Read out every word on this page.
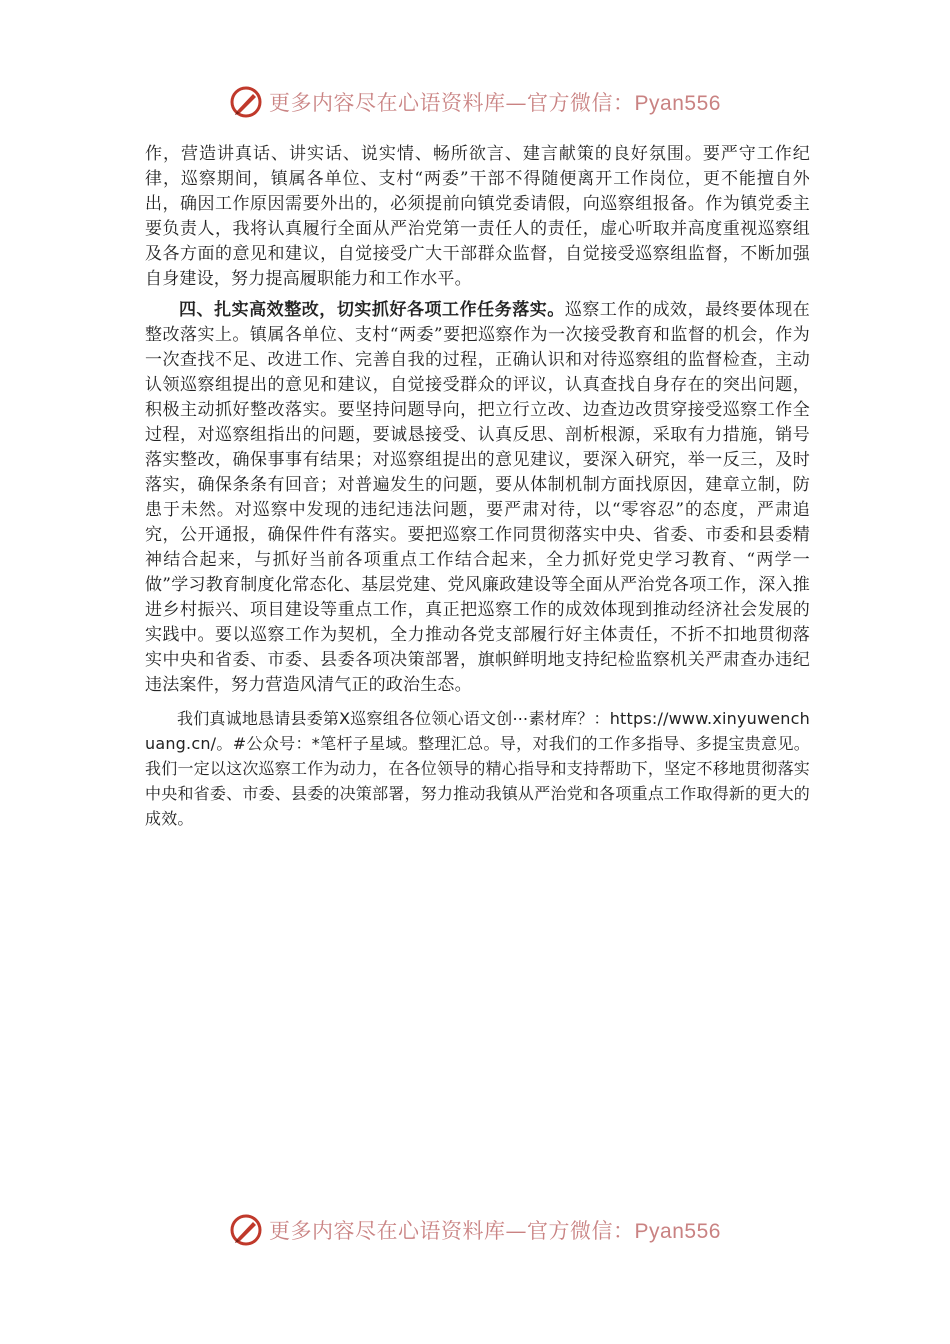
更多内容尽在心语资料库—官方微信：Pyan556

作，营造讲真话、讲实话、说实情、畅所欲言、建言献策的良好氛围。要严守工作纪律，巡察期间，镇属各单位、支村“两委”干部不得随便离开工作岗位，更不能擅自外出，确因工作原因需要外出的，必须提前向镇党委请假，向巡察组报备。作为镇党委主要负责人，我将认真履行全面从严治党第一责任人的责任，虚心听取并高度重视巡察组及各方面的意见和建议，自觉接受广大干部群众监督，自觉接受巡察组监督，不断加强自身建设，努力提高履职能力和工作水平。

四、扎实高效整改，切实抓好各项工作任务落实。巡察工作的成效，最终要体现在整改落实上。镇属各单位、支村“两委”要把巡察作为一次接受教育和监督的机会，作为一次查找不足、改进工作、完善自我的过程，正确认识和对待巡察组的监督检查，主动认领巡察组提出的意见和建议，自觉接受群众的评议，认真查找自身存在的突出问题，积极主动抓好整改落实。要坚持问题导向，把立行立改、边查边改贯穿接受巡察工作全过程，对巡察组指出的问题，要诚恳接受、认真反思、剖析根源，采取有力措施，销号落实整改，确保事事有结果；对巡察组提出的意见建议，要深入研究，举一反三，及时落实，确保条条有回音；对普遍发生的问题，要从体制机制方面找原因，建章立制，防患于未然。对巡察中发现的违纪违法问题，要严肃对待，以“零容忍”的态度，严肃追究，公开通报，确保件件有落实。要把巡察工作同贯彻落实中央、省委、市委和县委精神结合起来，与抓好当前各项重点工作结合起来，全力抓好党史学习教育、“两学一做”学习教育制度化常态化、基层党建、党风廉政建设等全面从严治党各项工作，深入推进乡村振兴、项目建设等重点工作，真正把巡察工作的成效体现到推动经济社会发展的实践中。要以巡察工作为契机，全力推动各党支部履行好主体责任，不折不扣地贯彻落实中央和省委、市委、县委各项决策部署，旗帜鲜明地支持纪检监察机关严肃查办违纪违法案件，努力营造风清气正的政治生态。

我们真诚地恳请县委第X巡察组各位领心语文创⋯素材库？：https://www.xinyuwenchuang.cn/。#公众号：*笔杆子星域。整理汇总。导，对我们的工作多指导、多提宝贵意见。我们一定以这次巡察工作为动力，在各位领导的精心指导和支持帮助下，坚定不移地贯彻落实中央和省委、市委、县委的决策部署，努力推动我镇从严治党和各项重点工作取得新的更大的成效。

更多内容尽在心语资料库—官方微信：Pyan556
